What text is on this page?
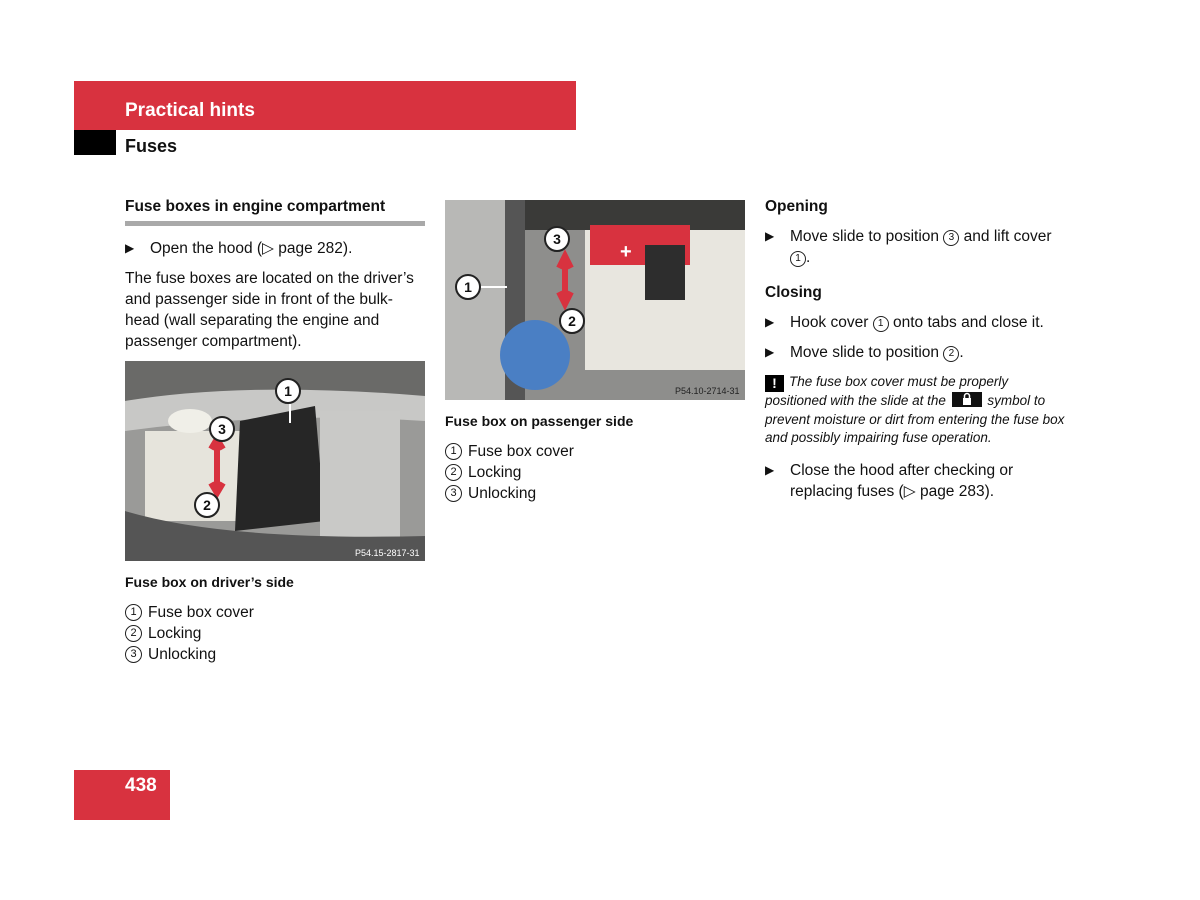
Practical hints
Fuses
Fuse boxes in engine compartment
▶ Open the hood (▷ page 282).

The fuse boxes are located on the driver’s and passenger side in front of the bulk-head (wall separating the engine and passenger compartment).

1
3
2
P54.15-2817-31
Fuse box on driver’s side
1 Fuse box cover
2 Locking
3 Unlocking
+
1
3
2
P54.10-2714-31
Fuse box on passenger side
1 Fuse box cover
2 Locking
3 Unlocking
Opening
▶ Move slide to position 3 and lift cover 1 .
Closing
▶ Hook cover 1 onto tabs and close it.
▶ Move slide to position 2 .
! The fuse box cover must be properly positioned with the slide at the	symbol to prevent moisture or dirt from entering the fuse box and possibly impairing fuse operation.
▶ Close the hood after checking or replacing fuses (▷ page 283).
438
